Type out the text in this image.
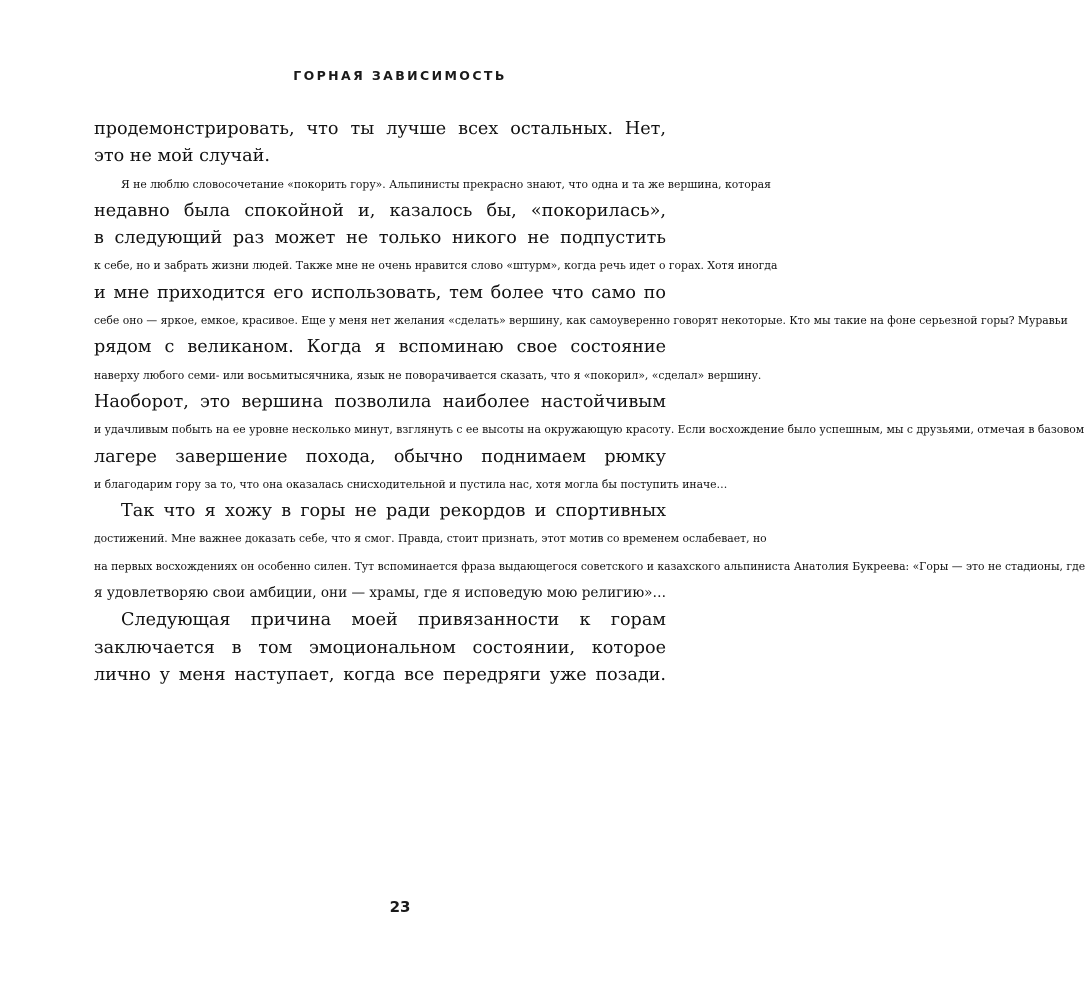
ГОРНАЯ ЗАВИСИМОСТЬ
продемонстрировать, что ты лучше всех остальных. Нет,
это не мой случай.
Я не люблю словосочетание «покорить гору». Альпинисты прекрасно знают, что одна и та же вершина, которая
недавно была спокойной и, казалось бы, «покорилась»,
в следующий раз может не только никого не подпустить
к себе, но и забрать жизни людей. Также мне не очень нравится слово «штурм», когда речь идет о горах. Хотя иногда
и мне приходится его использовать, тем более что само по
себе оно — яркое, емкое, красивое. Еще у меня нет желания «сделать» вершину, как самоуверенно говорят некоторые. Кто мы такие на фоне серьезной горы? Муравьи
рядом с великаном. Когда я вспоминаю свое состояние
наверху любого семи- или восьмитысячника, язык не поворачивается сказать, что я «покорил», «сделал» вершину.
Наоборот, это вершина позволила наиболее настойчивым
и удачливым побыть на ее уровне несколько минут, взглянуть с ее высоты на окружающую красоту. Если восхождение было успешным, мы с друзьями, отмечая в базовом
лагере завершение похода, обычно поднимаем рюмку
и благодарим гору за то, что она оказалась снисходительной и пустила нас, хотя могла бы поступить иначе…
Так что я хожу в горы не ради рекордов и спортивных
достижений. Мне важнее доказать себе, что я смог. Правда, стоит признать, этот мотив со временем ослабевает, но
на первых восхождениях он особенно силен. Тут вспоминается фраза выдающегося советского и казахского альпиниста Анатолия Букреева: «Горы — это не стадионы, где
я удовлетворяю свои амбиции, они — храмы, где я исповедую мою религию»…
Следующая причина моей привязанности к горам
заключается в том эмоциональном состоянии, которое
лично у меня наступает, когда все передряги уже позади.
23
